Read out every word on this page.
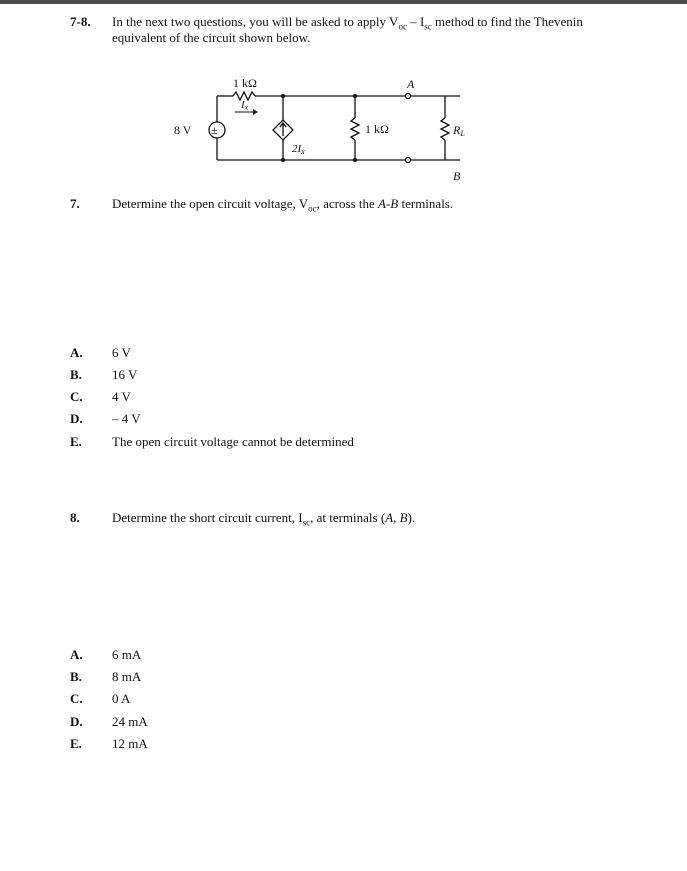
7-8. In the next two questions, you will be asked to apply $V_{oc} - I_{sc}$ method to find the Thevenin
equivalent of the circuit shown below.
1 kΩ
Ix
8 V ±
2Ix
1 kΩ
A
B
RL
7. Determine the open circuit voltage, $V_{oc}$, across the A-B terminals.
A. 6 V
B. 16 V
C. 4 V
D. – 4 V
E. The open circuit voltage cannot be determined
8. Determine the short circuit current, $I_{sc}$, at terminals (A, B).
A. 6 mA
B. 8 mA
C. 0 A
D. 24 mA
E. 12 mA
